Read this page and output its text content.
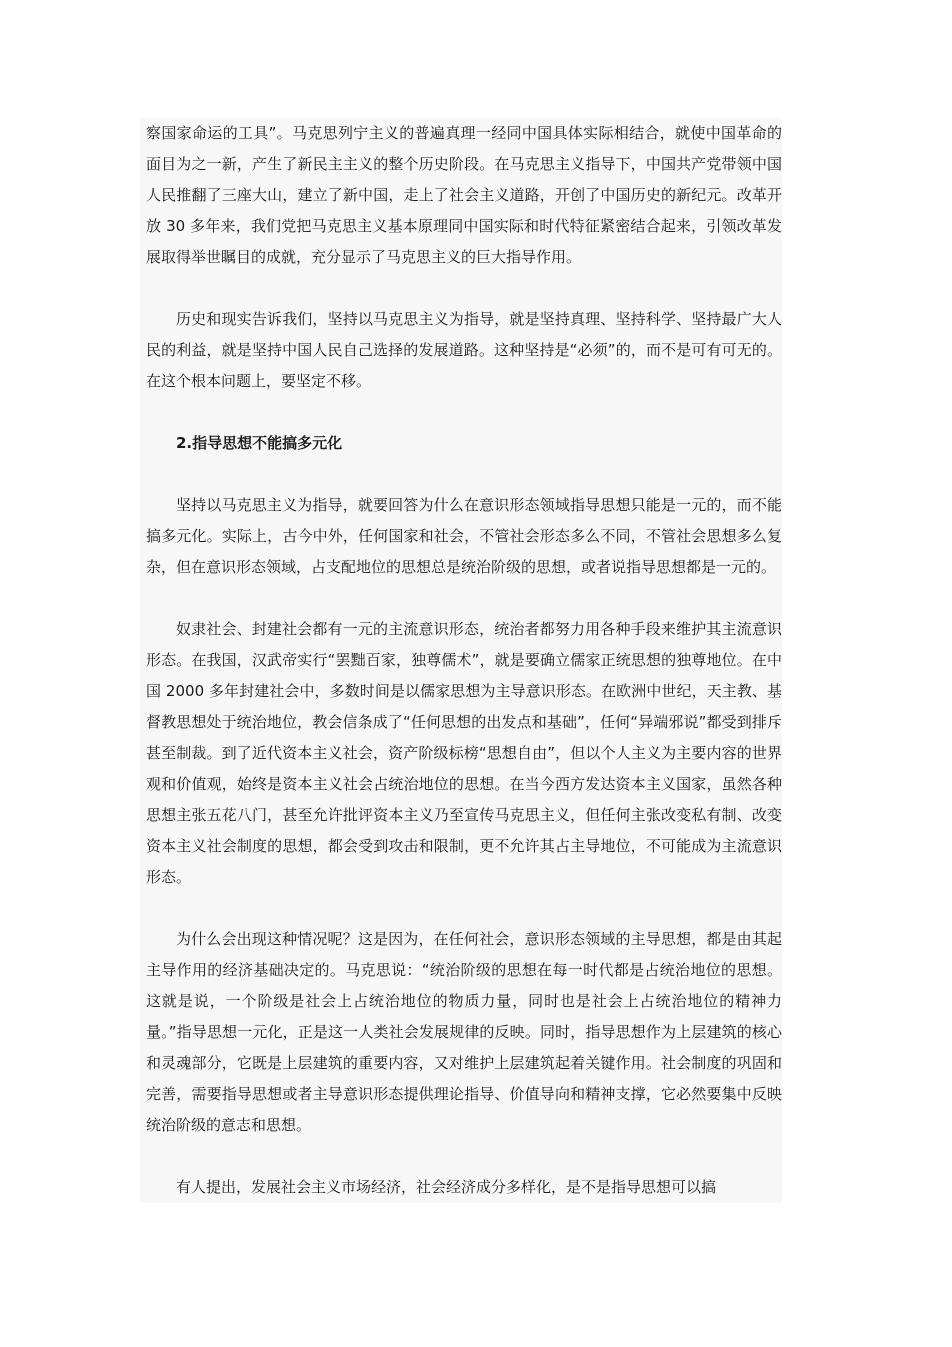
察国家命运的工具”。马克思列宁主义的普遍真理一经同中国具体实际相结合，就使中国革命的面目为之一新，产生了新民主主义的整个历史阶段。在马克思主义指导下，中国共产党带领中国人民推翻了三座大山，建立了新中国，走上了社会主义道路，开创了中国历史的新纪元。改革开放 30 多年来，我们党把马克思主义基本原理同中国实际和时代特征紧密结合起来，引领改革发展取得举世瞩目的成就，充分显示了马克思主义的巨大指导作用。

历史和现实告诉我们，坚持以马克思主义为指导，就是坚持真理、坚持科学、坚持最广大人民的利益，就是坚持中国人民自己选择的发展道路。这种坚持是“必须”的，而不是可有可无的。在这个根本问题上，要坚定不移。

2.指导思想不能搞多元化

坚持以马克思主义为指导，就要回答为什么在意识形态领域指导思想只能是一元的，而不能搞多元化。实际上，古今中外，任何国家和社会，不管社会形态多么不同，不管社会思想多么复杂，但在意识形态领域，占支配地位的思想总是统治阶级的思想，或者说指导思想都是一元的。

奴隶社会、封建社会都有一元的主流意识形态，统治者都努力用各种手段来维护其主流意识形态。在我国，汉武帝实行“罢黜百家，独尊儒术”，就是要确立儒家正统思想的独尊地位。在中国 2000 多年封建社会中，多数时间是以儒家思想为主导意识形态。在欧洲中世纪，天主教、基督教思想处于统治地位，教会信条成了“任何思想的出发点和基础”，任何“异端邪说”都受到排斥甚至制裁。到了近代资本主义社会，资产阶级标榜“思想自由”，但以个人主义为主要内容的世界观和价值观，始终是资本主义社会占统治地位的思想。在当今西方发达资本主义国家，虽然各种思想主张五花八门，甚至允许批评资本主义乃至宣传马克思主义，但任何主张改变私有制、改变资本主义社会制度的思想，都会受到攻击和限制，更不允许其占主导地位，不可能成为主流意识形态。

为什么会出现这种情况呢？这是因为，在任何社会，意识形态领域的主导思想，都是由其起主导作用的经济基础决定的。马克思说：“统治阶级的思想在每一时代都是占统治地位的思想。这就是说，一个阶级是社会上占统治地位的物质力量，同时也是社会上占统治地位的精神力量。”指导思想一元化，正是这一人类社会发展规律的反映。同时，指导思想作为上层建筑的核心和灵魂部分，它既是上层建筑的重要内容，又对维护上层建筑起着关键作用。社会制度的巩固和完善，需要指导思想或者主导意识形态提供理论指导、价值导向和精神支撑，它必然要集中反映统治阶级的意志和思想。

有人提出，发展社会主义市场经济，社会经济成分多样化，是不是指导思想可以搞
